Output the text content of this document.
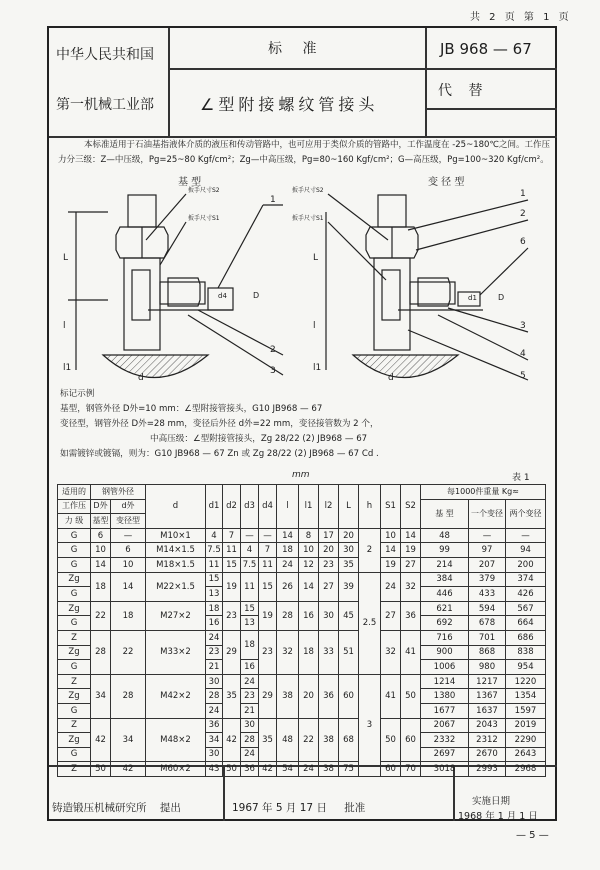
共 2 页 第 1 页
中华人民共和国
第一机械工业部
标 准
∠型附接螺纹管接头
JB 968 — 67
代 替
本标准适用于石油基指液体介质的液压和传动管路中，也可应用于类似介质的管路中，工作温度在 -25~180℃之间。工作压力分三级：Z—中压级，Pg=25~80 Kgf/cm²；Zg—中高压级，Pg=80~160 Kgf/cm²；G—高压级，Pg=100~320 Kgf/cm²。
基 型
L
l
l1
d
D
d4
扳手尺寸S2
扳手尺寸S1
1
2
3
变 径 型
L
l
l1
d
D
d1
扳手尺寸S2
扳手尺寸S1
1
2
6
3
4
5
标记示例
基型，钢管外径 D外=10 mm：∠型附接管接头，G10 JB968 — 67
变径型，钢管外径 D外=28 mm，变径后外径 d外=22 mm，变径接管数为 2 个，
中高压级：∠型附接管接头，Zg 28/22 (2) JB968 — 67
如需镀锌或镀镉，则为：G10 JB968 — 67 Zn 或 Zg 28/22 (2) JB968 — 67 Cd .
mm	表 1
适用的	钢管外径		d	d1	d2	d3	d4	l	l1	l2	L	h	S1	S2	每1000件重量 Kg≈		
工作压	D外	d外													基 型	一个变径	两个变径
力 级	基型	变径型															
G	6	—	M10×1	4	7	—	—	14	8	17	20	2	10	14	48	—	—
G	10	6	M14×1.5	7.5	11	4	7	18	10	20	30		14	19	99	97	94
G	14	10	M18×1.5	11	15	7.5	11	24	12	23	35		19	27	214	207	200
Zg	18	14	M22×1.5	15	19	11	15	26	14	27	39	2.5	24	32	384	379	374
G				13											446	433	426
Zg	22	18	M27×2	18	23	15	19	28	16	30	45		27	36	621	594	567
G				16		13									692	678	664
Z	28	22	M33×2	24	29	18	23	32	18	33	51		32	41	716	701	686
Zg				23											900	868	838
G				21		16									1006	980	954
Z	34	28	M42×2	30	35	24	29	38	20	36	60	3	41	50	1214	1217	1220
Zg				28		23									1380	1367	1354
G				24		21									1677	1637	1597
Z	42	34	M48×2	36	42	30	35	48	22	38	68		50	60	2067	2043	2019
Zg				34		28									2332	2312	2290
G				30		24									2697	2670	2643
Z	50	42	M60×2	43	50	36	42	54	24	38	75		60	70	3018	2993	2968
铸造锻压机械研究所 提出	1967 年 5 月 17 日 批准
实施日期
1968 年 1 月 1 日
— 5 —
